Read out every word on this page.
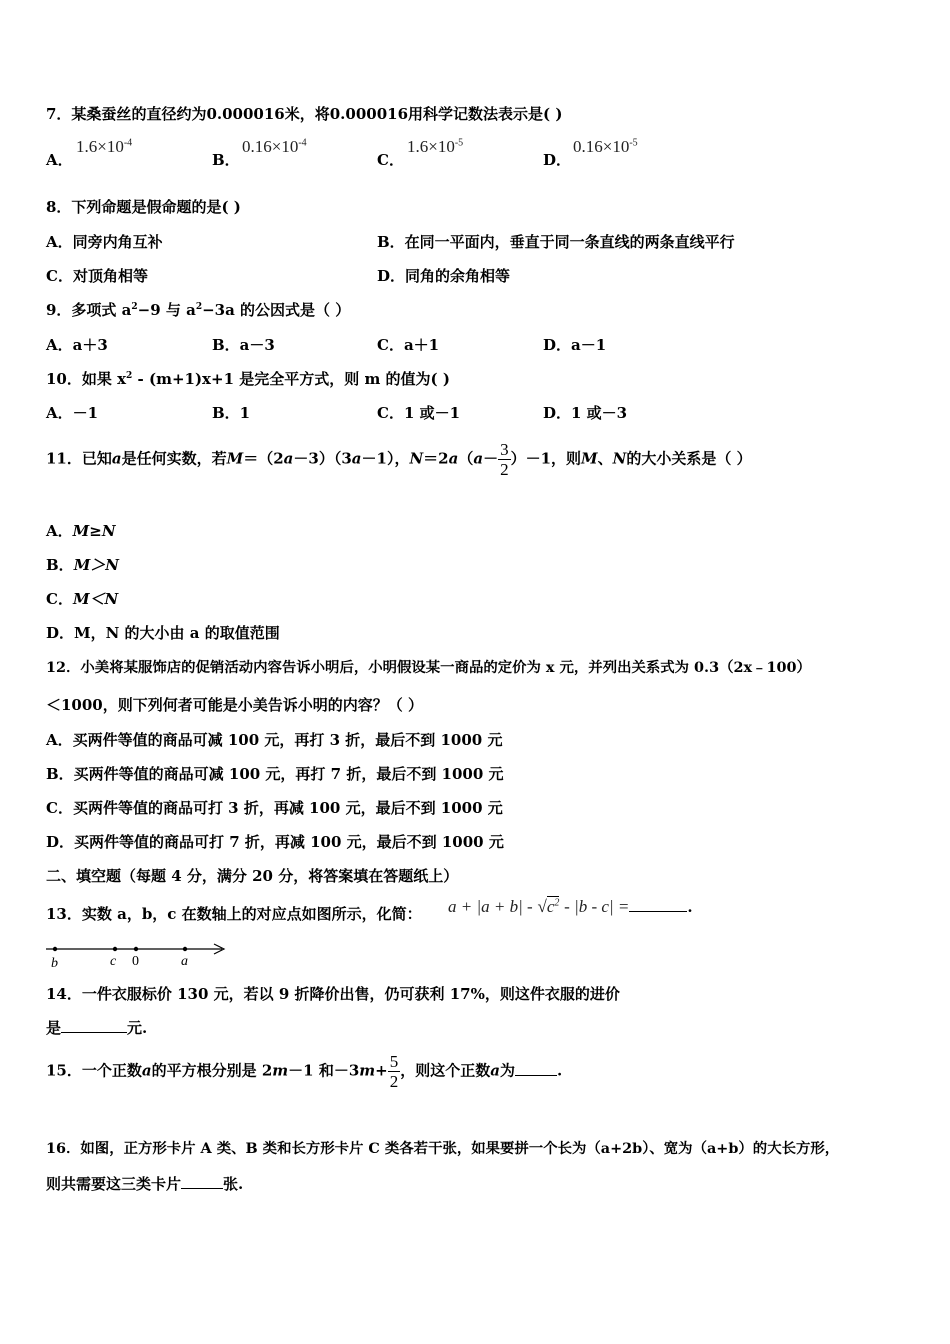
7．某桑蚕丝的直径约为0.000016米，将0.000016用科学记数法表示是( )
A．
$1.6\times 10^{-4}$
B．
$0.16\times 10^{-4}$
C．
$1.6\times 10^{-5}$
D．
$0.16\times 10^{-5}$
8．下列命题是假命题的是( )
A．同旁内角互补	B．在同一平面内，垂直于同一条直线的两条直线平行
C．对顶角相等	D．同角的余角相等
9．多项式 $a^2-9$ 与 $a^2-3a$ 的公因式是（ ）
A．a＋3	B．a－3	C．a＋1	D．a－1
10．如果 $x^2 - (m+1)x+1$ 是完全平方式，则 m 的值为( )
A．－1	B．1	C．1 或－1	D．1 或－3
11．已知a是任何实数，若M＝（2a－3）（3a－1），$N=2a(a- \frac{3}{2} )-1$，则M、N的大小关系是（ ）
A．M≥N
B．M＞N
C．M＜N
D．M，N 的大小由 a 的取值范围
12．小美将某服饰店的促销活动内容告诉小明后，小明假设某一商品的定价为 x 元，并列出关系式为 0.3（2x﹣100）
＜1000，则下列何者可能是小美告诉小明的内容？（ ）
A．买两件等值的商品可减 100 元，再打 3 折，最后不到 1000 元
B．买两件等值的商品可减 100 元，再打 7 折，最后不到 1000 元
C．买两件等值的商品可打 3 折，再减 100 元，最后不到 1000 元
D．买两件等值的商品可打 7 折，再减 100 元，最后不到 1000 元
二、填空题（每题 4 分，满分 20 分，将答案填在答题纸上）
13．实数 a，b，c 在数轴上的对应点如图所示，化简： $a + |a + b| - √c^2 - |b - c|$ =	.
b	c 0	a
14．一件衣服标价 130 元，若以 9 折降价出售，仍可获利 17%，则这件衣服的进价
是	元.
15．一个正数a的平方根分别是 2m－1 和$-3m+ \frac{5}{2}$ ，则这个正数a为	.
16．如图，正方形卡片 A 类、B 类和长方形卡片 C 类各若干张，如果要拼一个长为（a+2b）、宽为（a+b）的大长方形，
则共需要这三类卡片	张.
